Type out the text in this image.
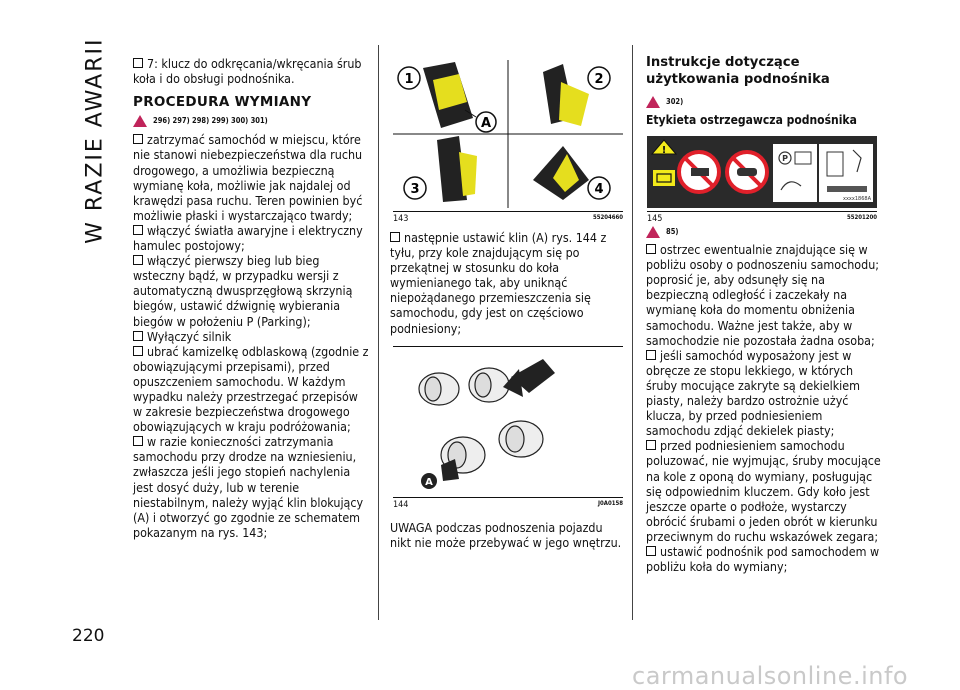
W RAZIE AWARII
220

7: klucz do odkręcania/wkręcania śrub koła i do obsługi podnośnika.

PROCEDURA WYMIANY
296) 297) 298) 299) 300) 301)

zatrzymać samochód w miejscu, które nie stanowi niebezpieczeństwa dla ruchu drogowego, a umożliwia bezpieczną wymianę koła, możliwie jak najdalej od krawędzi pasa ruchu. Teren powinien być możliwie płaski i wystarczająco twardy;

włączyć światła awaryjne i elektryczny hamulec postojowy;

włączyć pierwszy bieg lub bieg wsteczny bądź, w przypadku wersji z automatyczną dwusprzęgłową skrzynią biegów, ustawić dźwignię wybierania biegów w położeniu P (Parking);

Wyłączyć silnik

ubrać kamizelkę odblaskową (zgodnie z obowiązującymi przepisami), przed opuszczeniem samochodu. W każdym wypadku należy przestrzegać przepisów w zakresie bezpieczeństwa drogowego obowiązujących w kraju podróżowania;

w razie konieczności zatrzymania samochodu przy drodze na wzniesieniu, zwłaszcza jeśli jego stopień nachylenia jest dosyć duży, lub w terenie niestabilnym, należy wyjąć klin blokujący (A) i otworzyć go zgodnie ze schematem pokazanym na rys. 143;

1
A
2
3	4
143	55204660

następnie ustawić klin (A) rys. 144 z tyłu, przy kole znajdującym się po przekątnej w stosunku do koła wymienianego tak, aby uniknąć niepożądanego przemieszczenia się samochodu, gdy jest on częściowo podniesiony;

A
144	J0A0158

UWAGA podczas podnoszenia pojazdu nikt nie może przebywać w jego wnętrzu.

Instrukcje dotyczące użytkowania podnośnika
302)
Etykieta ostrzegawcza podnośnika
!
P
xxxx1868A
145	55201200
85)

ostrzec ewentualnie znajdujące się w pobliżu osoby o podnoszeniu samochodu; poprosić je, aby odsunęły się na bezpieczną odległość i zaczekały na wymianę koła do momentu obniżenia samochodu. Ważne jest także, aby w samochodzie nie pozostała żadna osoba;

jeśli samochód wyposażony jest w obręcze ze stopu lekkiego, w których śruby mocujące zakryte są dekielkiem piasty, należy bardzo ostrożnie użyć klucza, by przed podniesieniem samochodu zdjąć dekielek piasty;

przed podniesieniem samochodu poluzować, nie wyjmując, śruby mocujące na kole z oponą do wymiany, posługując się odpowiednim kluczem. Gdy koło jest jeszcze oparte o podłoże, wystarczy obrócić śrubami o jeden obrót w kierunku przeciwnym do ruchu wskazówek zegara;

ustawić podnośnik pod samochodem w pobliżu koła do wymiany;

carmanualsonline.info
